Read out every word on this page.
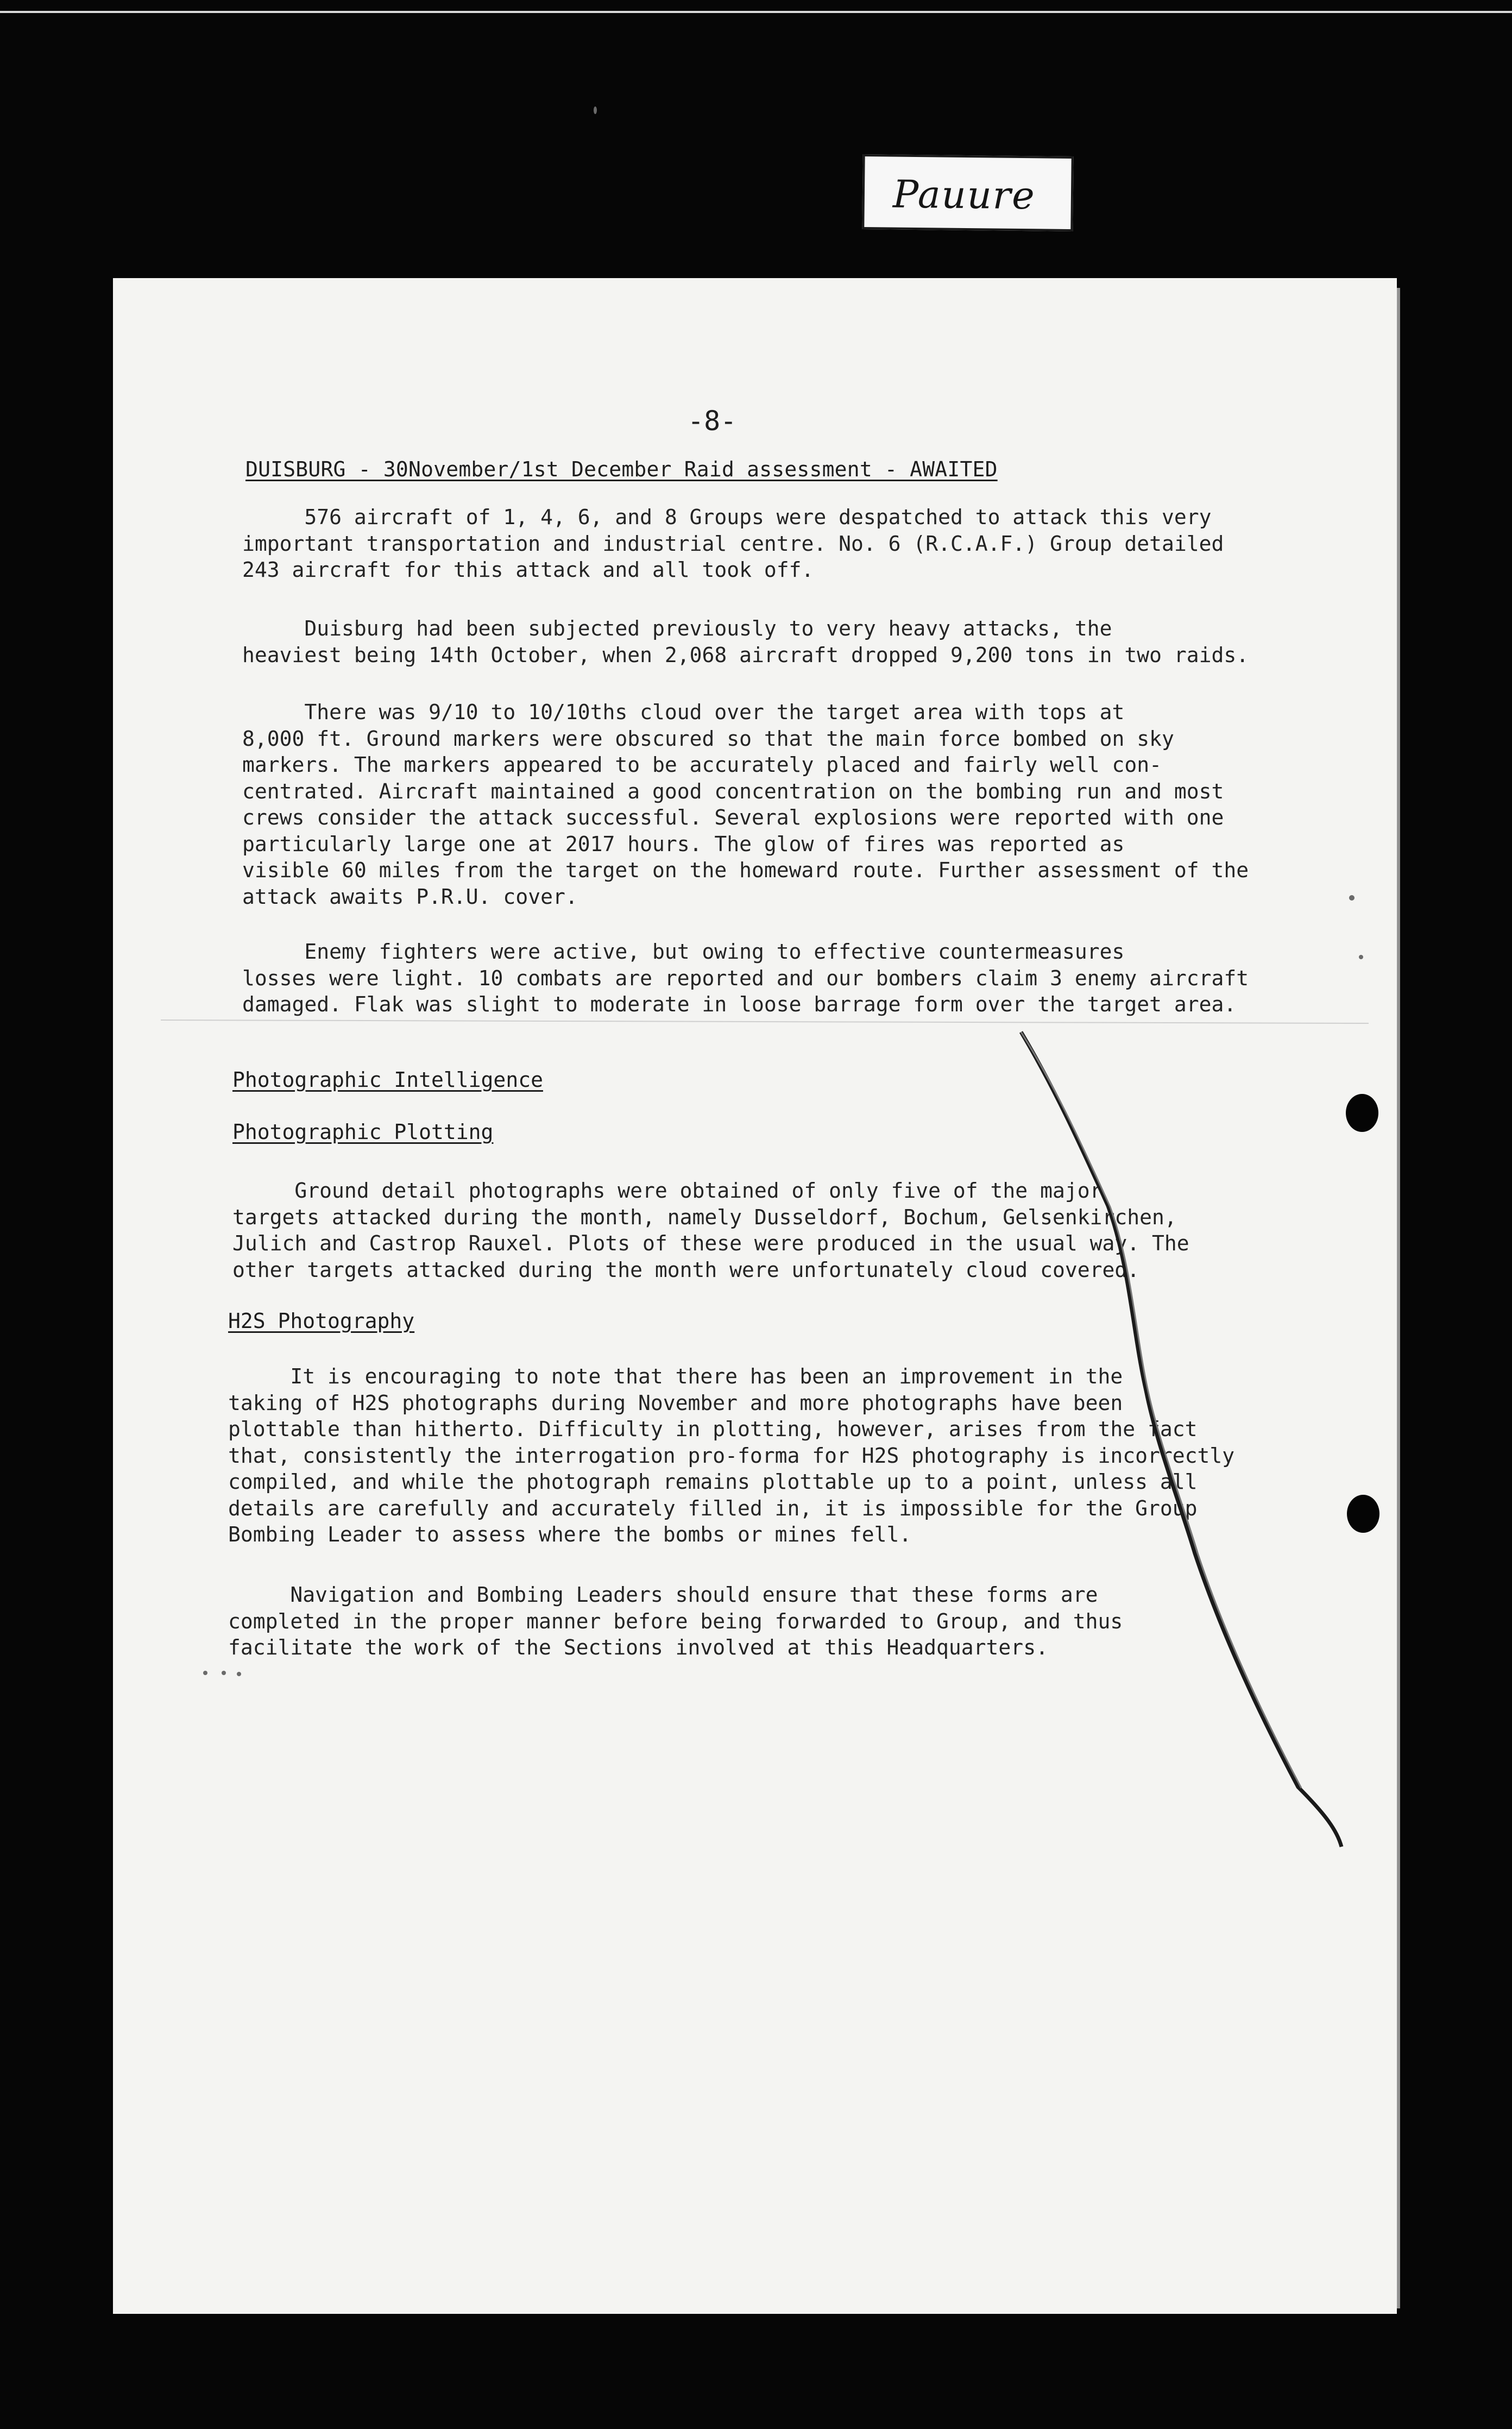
Pauure
-8-
DUISBURG - 30November/1st December Raid assessment - AWAITED
576 aircraft of 1, 4, 6, and 8 Groups were despatched to attack this very
important transportation and industrial centre. No. 6 (R.C.A.F.) Group detailed
243 aircraft for this attack and all took off.
Duisburg had been subjected previously to very heavy attacks, the
heaviest being 14th October, when 2,068 aircraft dropped 9,200 tons in two raids.
There was 9/10 to 10/10ths cloud over the target area with tops at
8,000 ft. Ground markers were obscured so that the main force bombed on sky
markers. The markers appeared to be accurately placed and fairly well con-
centrated. Aircraft maintained a good concentration on the bombing run and most
crews consider the attack successful. Several explosions were reported with one
particularly large one at 2017 hours. The glow of fires was reported as
visible 60 miles from the target on the homeward route. Further assessment of the
attack awaits P.R.U. cover.
Enemy fighters were active, but owing to effective countermeasures
losses were light. 10 combats are reported and our bombers claim 3 enemy aircraft
damaged. Flak was slight to moderate in loose barrage form over the target area.
Photographic Intelligence
Photographic Plotting
Ground detail photographs were obtained of only five of the major
targets attacked during the month, namely Dusseldorf, Bochum, Gelsenkirchen,
Julich and Castrop Rauxel. Plots of these were produced in the usual way. The
other targets attacked during the month were unfortunately cloud covered.
H2S Photography
It is encouraging to note that there has been an improvement in the
taking of H2S photographs during November and more photographs have been
plottable than hitherto. Difficulty in plotting, however, arises from the fact
that, consistently the interrogation pro-forma for H2S photography is incorrectly
compiled, and while the photograph remains plottable up to a point, unless all
details are carefully and accurately filled in, it is impossible for the Group
Bombing Leader to assess where the bombs or mines fell.
Navigation and Bombing Leaders should ensure that these forms are
completed in the proper manner before being forwarded to Group, and thus
facilitate the work of the Sections involved at this Headquarters.
